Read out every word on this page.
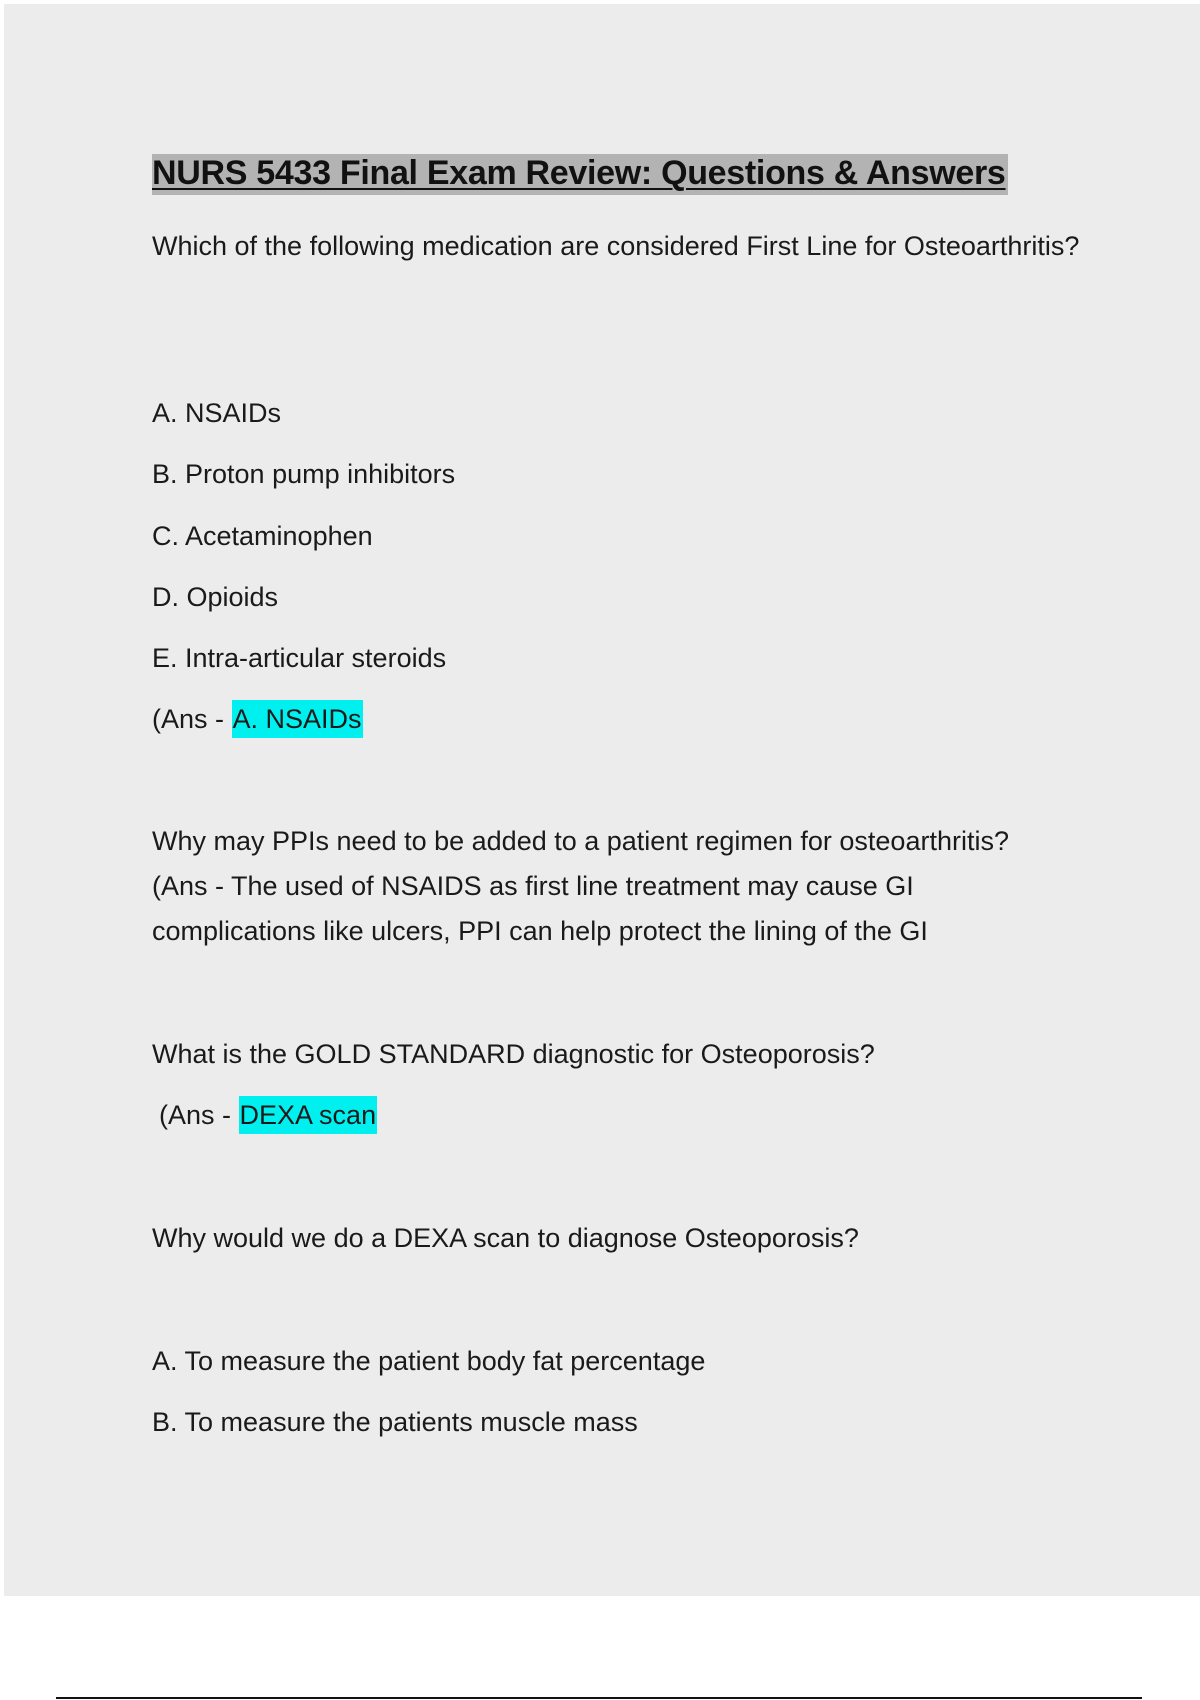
NURS 5433 Final Exam Review: Questions & Answers
Which of the following medication are considered First Line for Osteoarthritis?
A. NSAIDs
B. Proton pump inhibitors
C. Acetaminophen
D. Opioids
E. Intra-articular steroids
(Ans - A. NSAIDs
Why may PPIs need to be added to a patient regimen for osteoarthritis?
(Ans - The used of NSAIDS as first line treatment may cause GI complications like ulcers, PPI can help protect the lining of the GI
What is the GOLD STANDARD diagnostic for Osteoporosis?
(Ans - DEXA scan
Why would we do a DEXA scan to diagnose Osteoporosis?
A. To measure the patient body fat percentage
B. To measure the patients muscle mass
